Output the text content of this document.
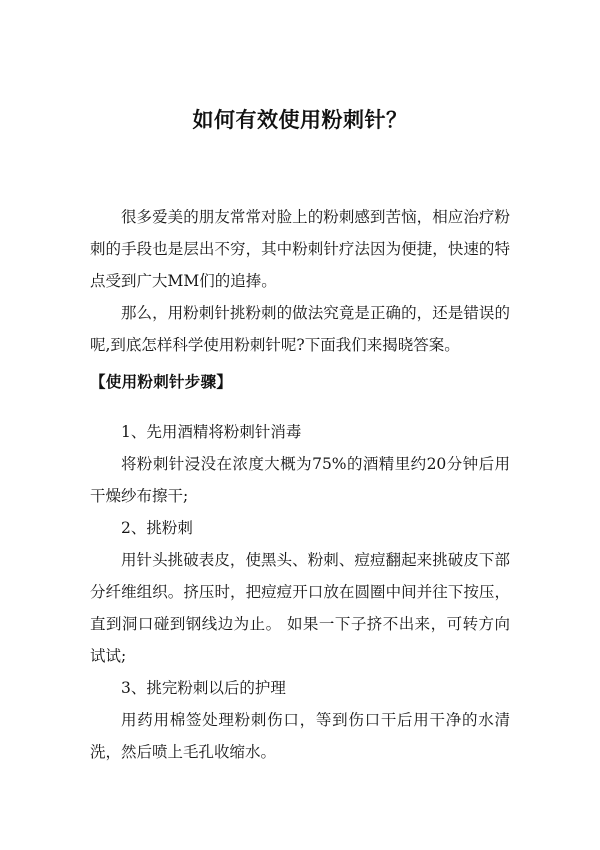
如何有效使用粉刺针？

很多爱美的朋友常常对脸上的粉刺感到苦恼，相应治疗粉刺的手段也是层出不穷，其中粉刺针疗法因为便捷，快速的特点受到广大MM们的追捧。

那么，用粉刺针挑粉刺的做法究竟是正确的，还是错误的呢,到底怎样科学使用粉刺针呢?下面我们来揭晓答案。

【使用粉刺针步骤】
1、先用酒精将粉刺针消毒

将粉刺针浸没在浓度大概为75%的酒精里约20分钟后用干燥纱布擦干;

2、挑粉刺

用针头挑破表皮，使黑头、粉刺、痘痘翻起来挑破皮下部分纤维组织。挤压时，把痘痘开口放在圆圈中间并往下按压，直到洞口碰到钢线边为止。 如果一下子挤不出来，可转方向试试;

3、挑完粉刺以后的护理

用药用棉签处理粉刺伤口，等到伤口干后用干净的水清洗，然后喷上毛孔收缩水。
